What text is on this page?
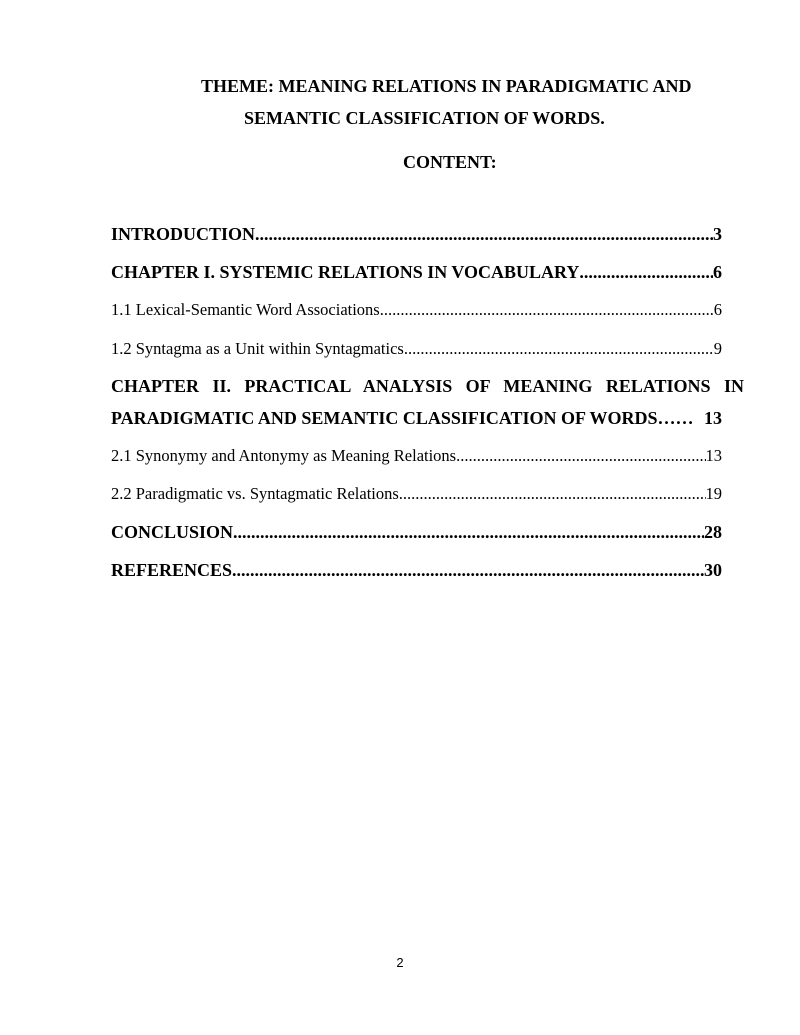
THEME: MEANING RELATIONS IN PARADIGMATIC AND
SEMANTIC CLASSIFICATION OF WORDS.
CONTENT:
INTRODUCTION .....	3
CHAPTER I. SYSTEMIC RELATIONS IN VOCABULARY .....	6
1.1 Lexical-Semantic Word Associations .....	6
1.2 Syntagma as a Unit within Syntagmatics .....	9
CHAPTER II. PRACTICAL ANALYSIS OF MEANING RELATIONS IN
PARADIGMATIC AND SEMANTIC CLASSIFICATION OF WORDS…… 13
2.1 Synonymy and Antonymy as Meaning Relations .....	13
2.2 Paradigmatic vs. Syntagmatic Relations .....	19
CONCLUSION .....	28
REFERENCES .....	30
2
